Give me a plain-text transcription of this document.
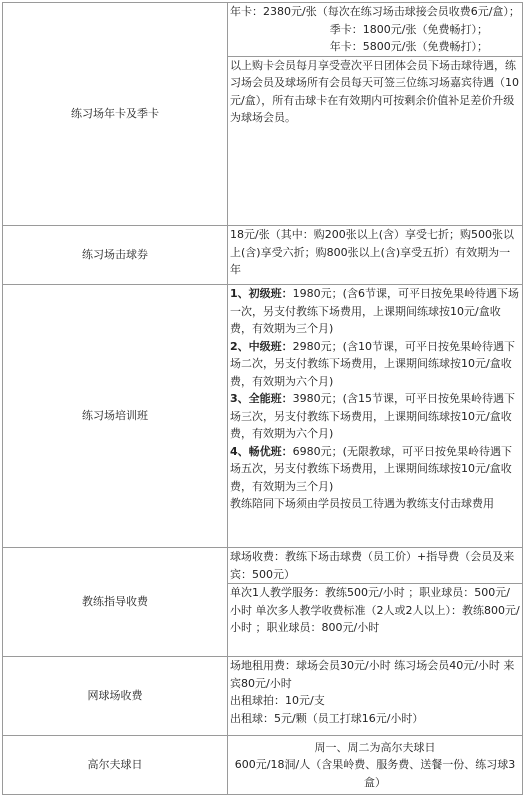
练习场年卡及季卡	年卡：2380元/张（每次在练习场击球接会员收费6元/盒）；
季卡：1800元/张（免费畅打）；
年卡：5800元/张（免费畅打）；
以上购卡会员每月享受壹次平日团体会员下场击球待遇，练习场会员及球场所有会员每天可签三位练习场嘉宾待遇（10元/盒），所有击球卡在有效期内可按剩余价值补足差价升级为球场会员。

练习场击球券	18元/张（其中：购200张以上(含）享受七折；购500张以上(含)享受六折；购800张以上(含)享受五折）有效期为一年

练习场培训班	1、初级班：1980元；(含6节课，可平日按免果岭待遇下场一次，另支付教练下场费用，上课期间练球按10元/盒收费，有效期为三个月)
2、中级班：2980元；(含10节课，可平日按免果岭待遇下场二次，另支付教练下场费用，上课期间练球按10元/盒收费，有效期为六个月)
3、全能班：3980元；(含15节课，可平日按免果岭待遇下场三次，另支付教练下场费用，上课期间练球按10元/盒收费，有效期为六个月)
4、畅优班：6980元；(无限教球，可平日按免果岭待遇下场五次，另支付教练下场费用，上课期间练球按10元/盒收费，有效期为三个月)
教练陪同下场须由学员按员工待遇为教练支付击球费用

教练指导收费	球场收费：教练下场击球费（员工价）+指导费（会员及来宾：500元）
单次1人教学服务：教练500元/小时 ；职业球员：500元/小时 单次多人教学收费标准（2人或2人以上）：教练800元/小时 ；职业球员：800元/小时

网球场收费	场地租用费：球场会员30元/小时 练习场会员40元/小时 来宾80元/小时
出租球拍：10元/支
出租球：5元/颗（员工打球16元/小时）

高尔夫球日	周一、周二为高尔夫球日
600元/18洞/人（含果岭费、服务费、送餐一份、练习球3盒）
